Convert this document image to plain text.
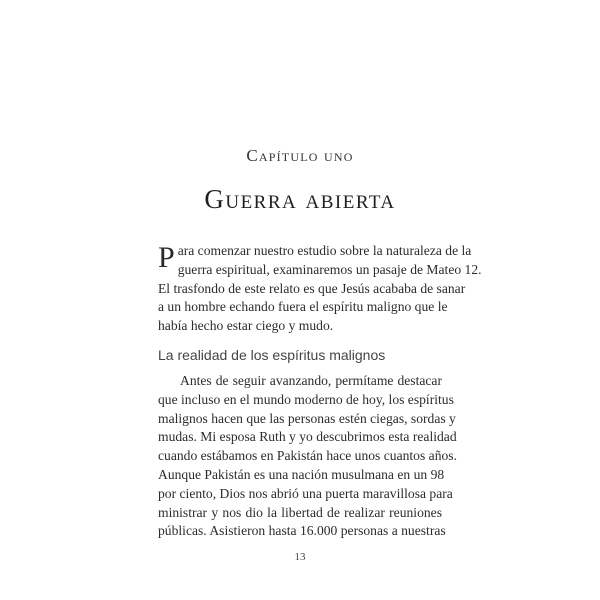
Capítulo uno
Guerra abierta
P ara comenzar nuestro estudio sobre la naturaleza de la
guerra espiritual, examinaremos un pasaje de Mateo 12.
El trasfondo de este relato es que Jesús acababa de sanar
a un hombre echando fuera el espíritu maligno que le
había hecho estar ciego y mudo.
La realidad de los espíritus malignos
Antes de seguir avanzando, permítame destacar
que incluso en el mundo moderno de hoy, los espíritus
malignos hacen que las personas estén ciegas, sordas y
mudas. Mi esposa Ruth y yo descubrimos esta realidad
cuando estábamos en Pakistán hace unos cuantos años.
Aunque Pakistán es una nación musulmana en un 98
por ciento, Dios nos abrió una puerta maravillosa para
ministrar y nos dio la libertad de realizar reuniones
públicas. Asistieron hasta 16.000 personas a nuestras
13
